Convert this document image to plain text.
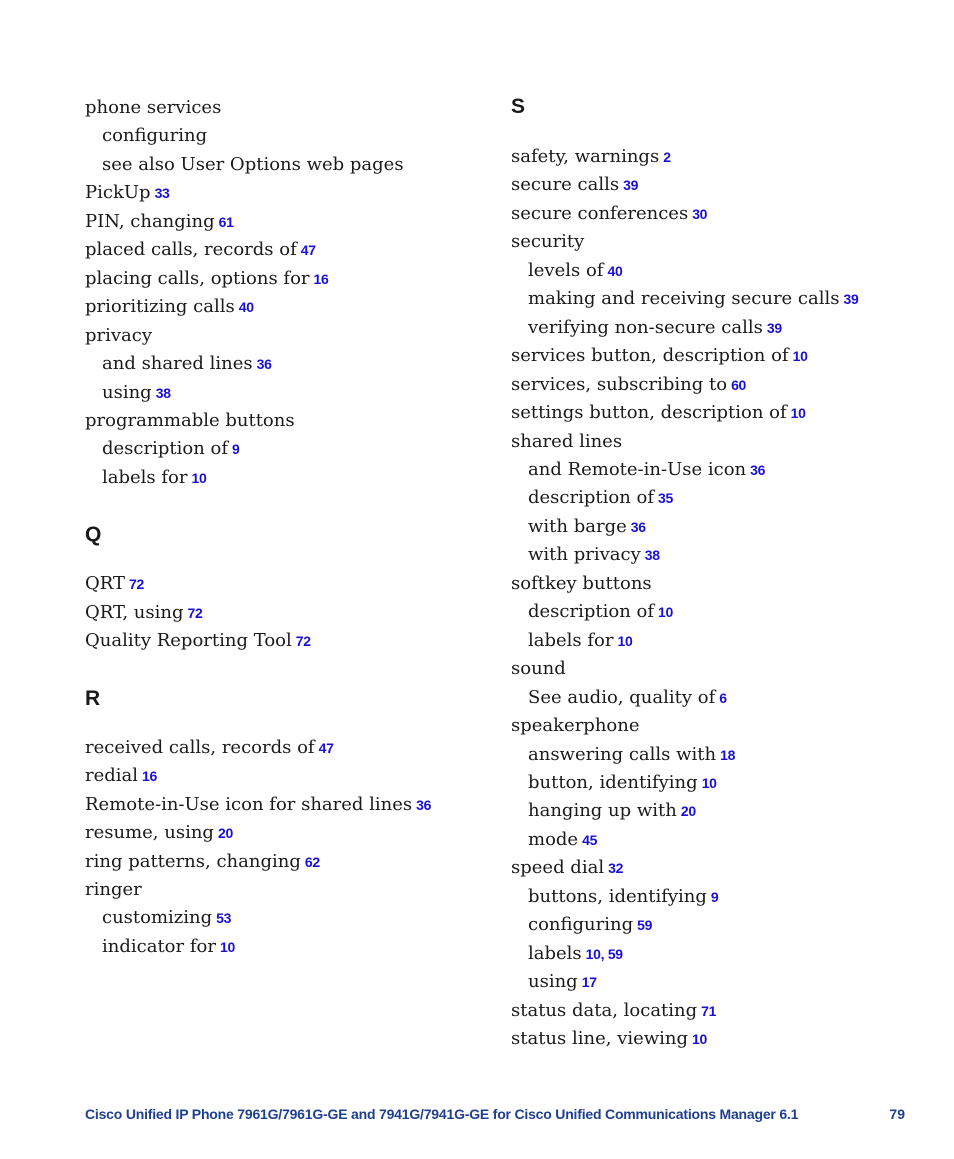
phone services
configuring
see also User Options web pages
PickUp 33
PIN, changing 61
placed calls, records of 47
placing calls, options for 16
prioritizing calls 40
privacy
and shared lines 36
using 38
programmable buttons
description of 9
labels for 10
Q
QRT 72
QRT, using 72
Quality Reporting Tool 72
R
received calls, records of 47
redial 16
Remote-in-Use icon for shared lines 36
resume, using 20
ring patterns, changing 62
ringer
customizing 53
indicator for 10
S
safety, warnings 2
secure calls 39
secure conferences 30
security
levels of 40
making and receiving secure calls 39
verifying non-secure calls 39
services button, description of 10
services, subscribing to 60
settings button, description of 10
shared lines
and Remote-in-Use icon 36
description of 35
with barge 36
with privacy 38
softkey buttons
description of 10
labels for 10
sound
See audio, quality of 6
speakerphone
answering calls with 18
button, identifying 10
hanging up with 20
mode 45
speed dial 32
buttons, identifying 9
configuring 59
labels 10, 59
using 17
status data, locating 71
status line, viewing 10
Cisco Unified IP Phone 7961G/7961G-GE and 7941G/7941G-GE for Cisco Unified Communications Manager 6.1	79
